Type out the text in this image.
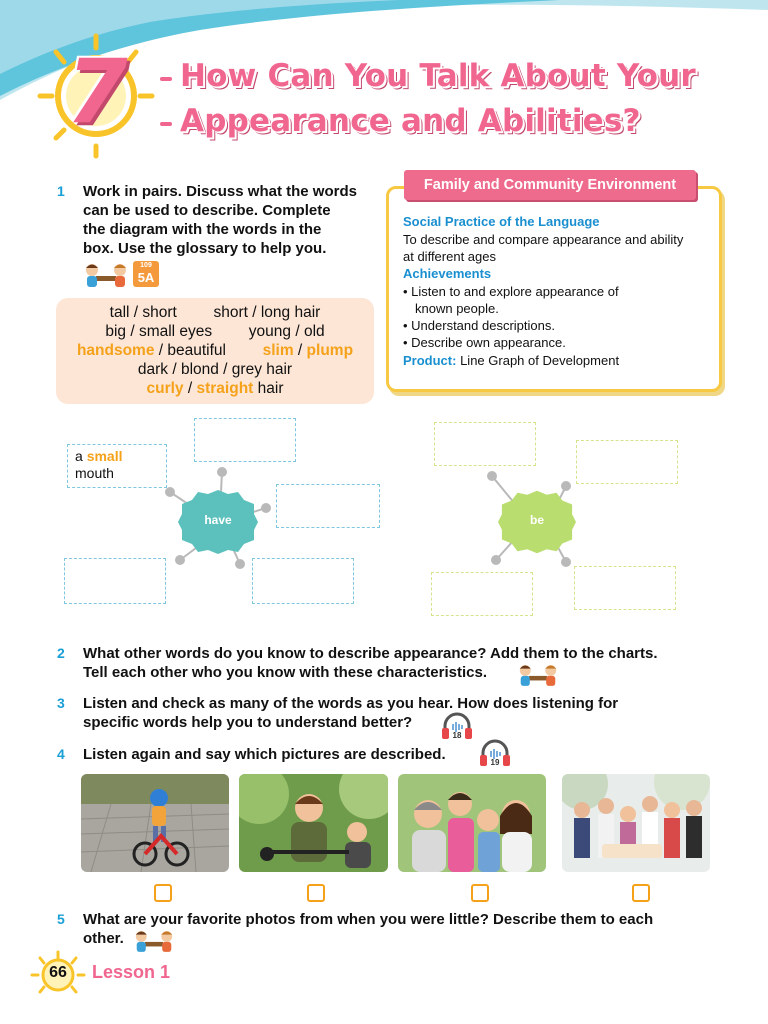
7 How Can You Talk About Your
Appearance and Abilities?
1 Work in pairs. Discuss what the words
can be used to describe. Complete
the diagram with the words in the
box. Use the glossary to help you.
109
5A
tall / short short / long hair
big / small eyes young / old
handsome / beautiful slim / plump
dark / blond / grey hair
curly / straight hair
Family and Community Environment
Social Practice of the Language
To describe and compare appearance and ability
at different ages
Achievements
• Listen to and explore appearance of
known people.
• Understand descriptions.
• Describe own appearance.
Product: Line Graph of Development
have
a small
mouth
be
2 What other words do you know to describe appearance? Add them to the charts.
Tell each other who you know with these characteristics.
3 Listen and check as many of the words as you hear. How does listening for
specific words help you to understand better?
18
4 Listen again and say which pictures are described.	19
5 What are your favorite photos from when you were little? Describe them to each
other.
66	Lesson 1
